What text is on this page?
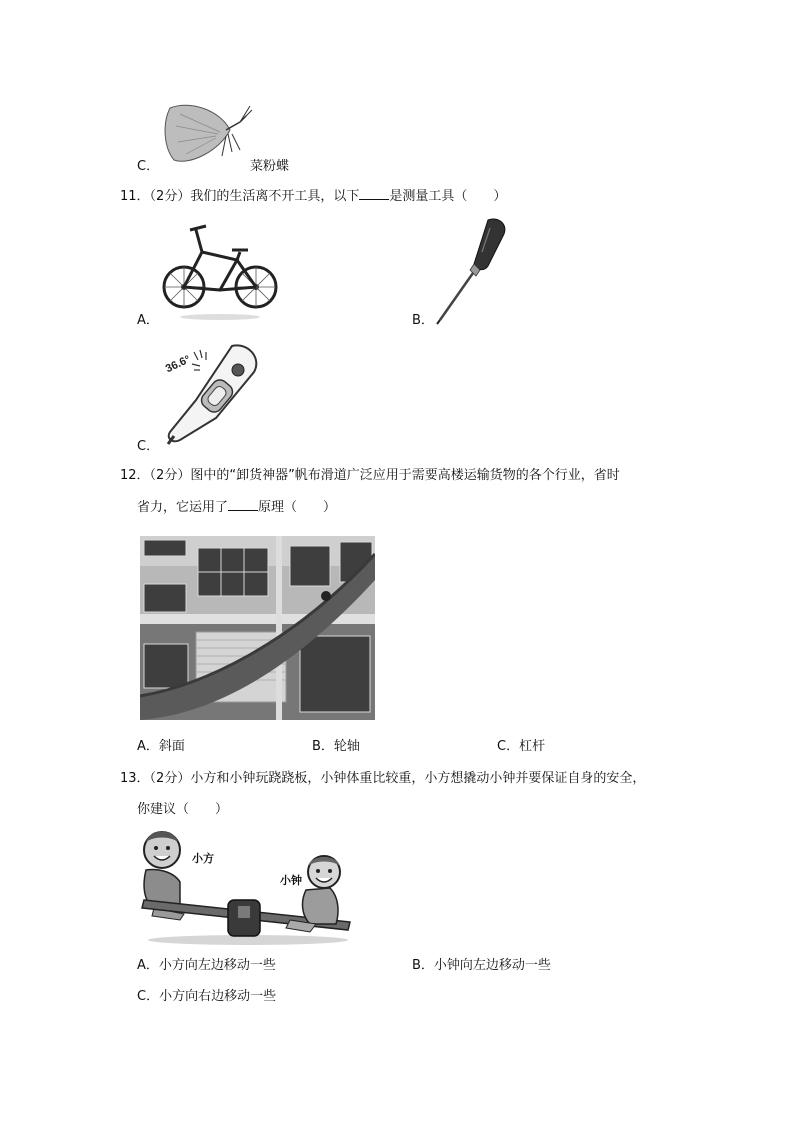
C．	菜粉蝶
11．（2分）我们的生活离不开工具，以下 是测量工具（　　）
A．	B．
36.6°
C．
12．（2分）图中的“卸货神器”帆布滑道广泛应用于需要高楼运输货物的各个行业，省时
省力，它运用了 原理（　　）
A．斜面	B．轮轴	C．杠杆
13．（2分）小方和小钟玩跷跷板，小钟体重比较重，小方想撬动小钟并要保证自身的安全，
你建议（　　）
小方
小钟
A．小方向左边移动一些	B．小钟向左边移动一些
C．小方向右边移动一些
